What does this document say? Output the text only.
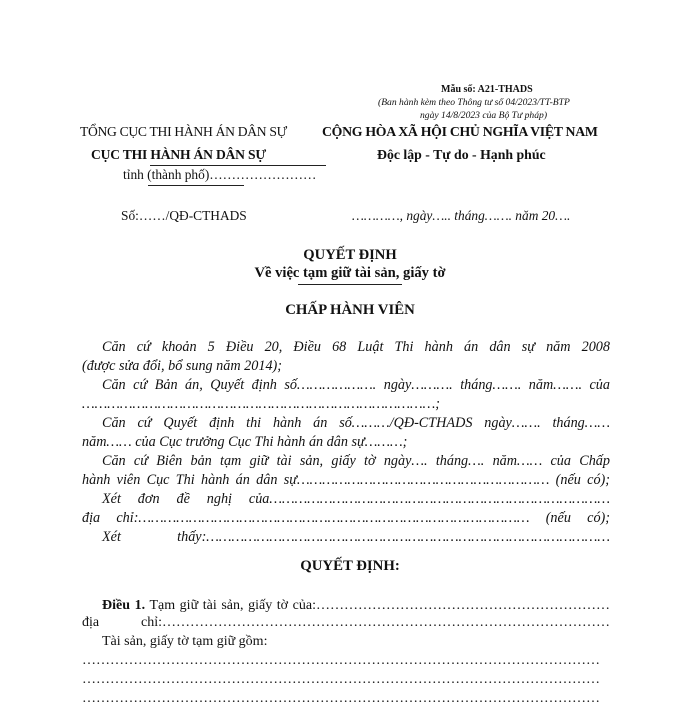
Mẫu số: A21-THADS
(Ban hành kèm theo Thông tư số 04/2023/TT-BTP
ngày 14/8/2023 của Bộ Tư pháp)
TỔNG CỤC THI HÀNH ÁN DÂN SỰ
CỤC THI HÀNH ÁN DÂN SỰ
tỉnh (thành phố)……………………
CỘNG HÒA XÃ HỘI CHỦ NGHĨA VIỆT NAM
Độc lập - Tự do - Hạnh phúc
Số:……/QĐ-CTHADS	…………, ngày….. tháng……. năm 20….
QUYẾT ĐỊNH
Về việc tạm giữ tài sản, giấy tờ
CHẤP HÀNH VIÊN
Căn cứ khoản 5 Điều 20, Điều 68 Luật Thi hành án dân sự năm 2008
(được sửa đổi, bổ sung năm 2014);
Căn cứ Bản án, Quyết định số………………. ngày………. tháng……. năm……. của
…………………………………………………………………………;
Căn cứ Quyết định thi hành án số………/QĐ-CTHADS ngày……. tháng……
năm…… của Cục trưởng Cục Thi hành án dân sự………;
Căn cứ Biên bản tạm giữ tài sản, giấy tờ ngày…. tháng…. năm…… của Chấp
hành viên Cục Thi hành án dân sự…………………………………………………… (nếu có);
Xét đơn đề nghị của………………………………………………………………………
địa chỉ:………………………………………………………………………………… (nếu có);
Xét thấy:……………………………………………………………………………………
QUYẾT ĐỊNH:
Điều 1. Tạm giữ tài sản, giấy tờ của:………………………………………………………
địa chỉ:……………………………………………………………………………………
Tài sản, giấy tờ tạm giữ gồm:
…………………………………………………………………………………………………
…………………………………………………………………………………………………
…………………………………………………………………………………………………
